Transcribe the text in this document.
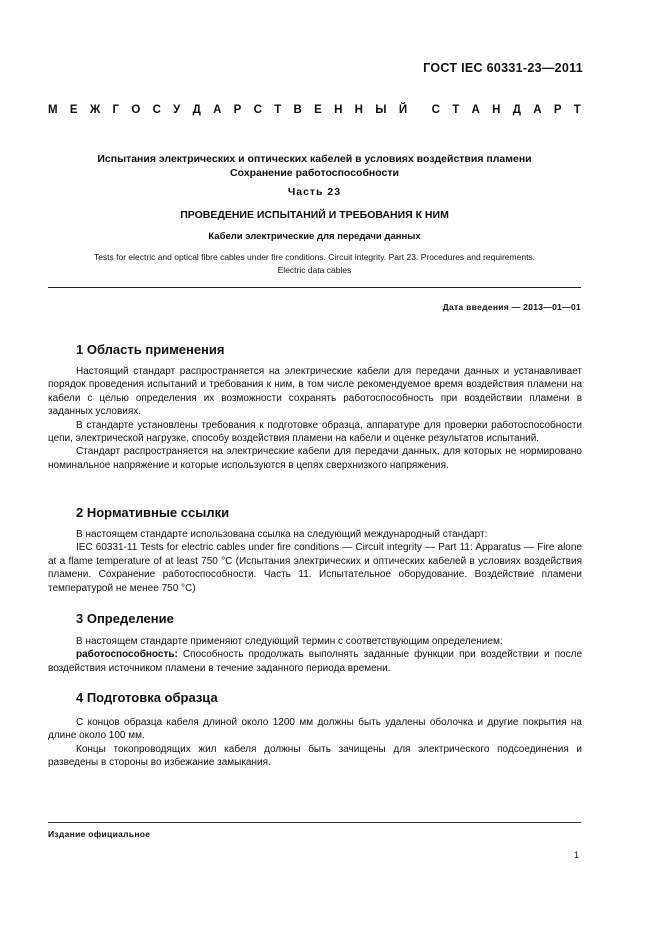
ГОСТ IEC 60331-23—2011
М Е Ж Г О С У Д А Р С Т В Е Н Н Ы Й С Т А Н Д А Р Т
Испытания электрических и оптических кабелей в условиях воздействия пламени
Сохранение работоспособности
Часть 23
ПРОВЕДЕНИЕ ИСПЫТАНИЙ И ТРЕБОВАНИЯ К НИМ
Кабели электрические для передачи данных
Tests for electric and optical fibre cables under fire conditions. Circuit integrity. Part 23. Procedures and requirements.
Electric data cables
Дата введения — 2013—01—01
1 Область применения

Настоящий стандарт распространяется на электрические кабели для передачи данных и устанавливает порядок проведения испытаний и требования к ним, в том числе рекомендуемое время воздействия пламени на кабели с целью определения их возможности сохранять работоспособность при воздействии пламени в заданных условиях.

В стандарте установлены требования к подготовке образца, аппаратуре для проверки работоспособности цепи, электрической нагрузке, способу воздействия пламени на кабели и оценке результатов испытаний.

Стандарт распространяется на электрические кабели для передачи данных, для которых не нормировано номинальное напряжение и которые используются в цепях сверхнизкого напряжения.

2 Нормативные ссылки

В настоящем стандарте использована ссылка на следующий международный стандарт:

IEC 60331-11 Tests for electric cables under fire conditions — Circuit integrity — Part 11: Apparatus — Fire alone at a flame temperature of at least 750 °C (Испытания электрических и оптических кабелей в условиях воздействия пламени. Сохранение работоспособности. Часть 11. Испытательное оборудование. Воздействие пламени температурой не менее 750 °С)

3 Определение

В настоящем стандарте применяют следующий термин с соответствующим определением:

работоспособность: Способность продолжать выполнять заданные функции при воздействии и после воздействия источником пламени в течение заданного периода времени.

4 Подготовка образца

С концов образца кабеля длиной около 1200 мм должны быть удалены оболочка и другие покрытия на длине около 100 мм.

Концы токопроводящих жил кабеля должны быть зачищены для электрического подсоединения и разведены в стороны во избежание замыкания.

Издание официальное
1
